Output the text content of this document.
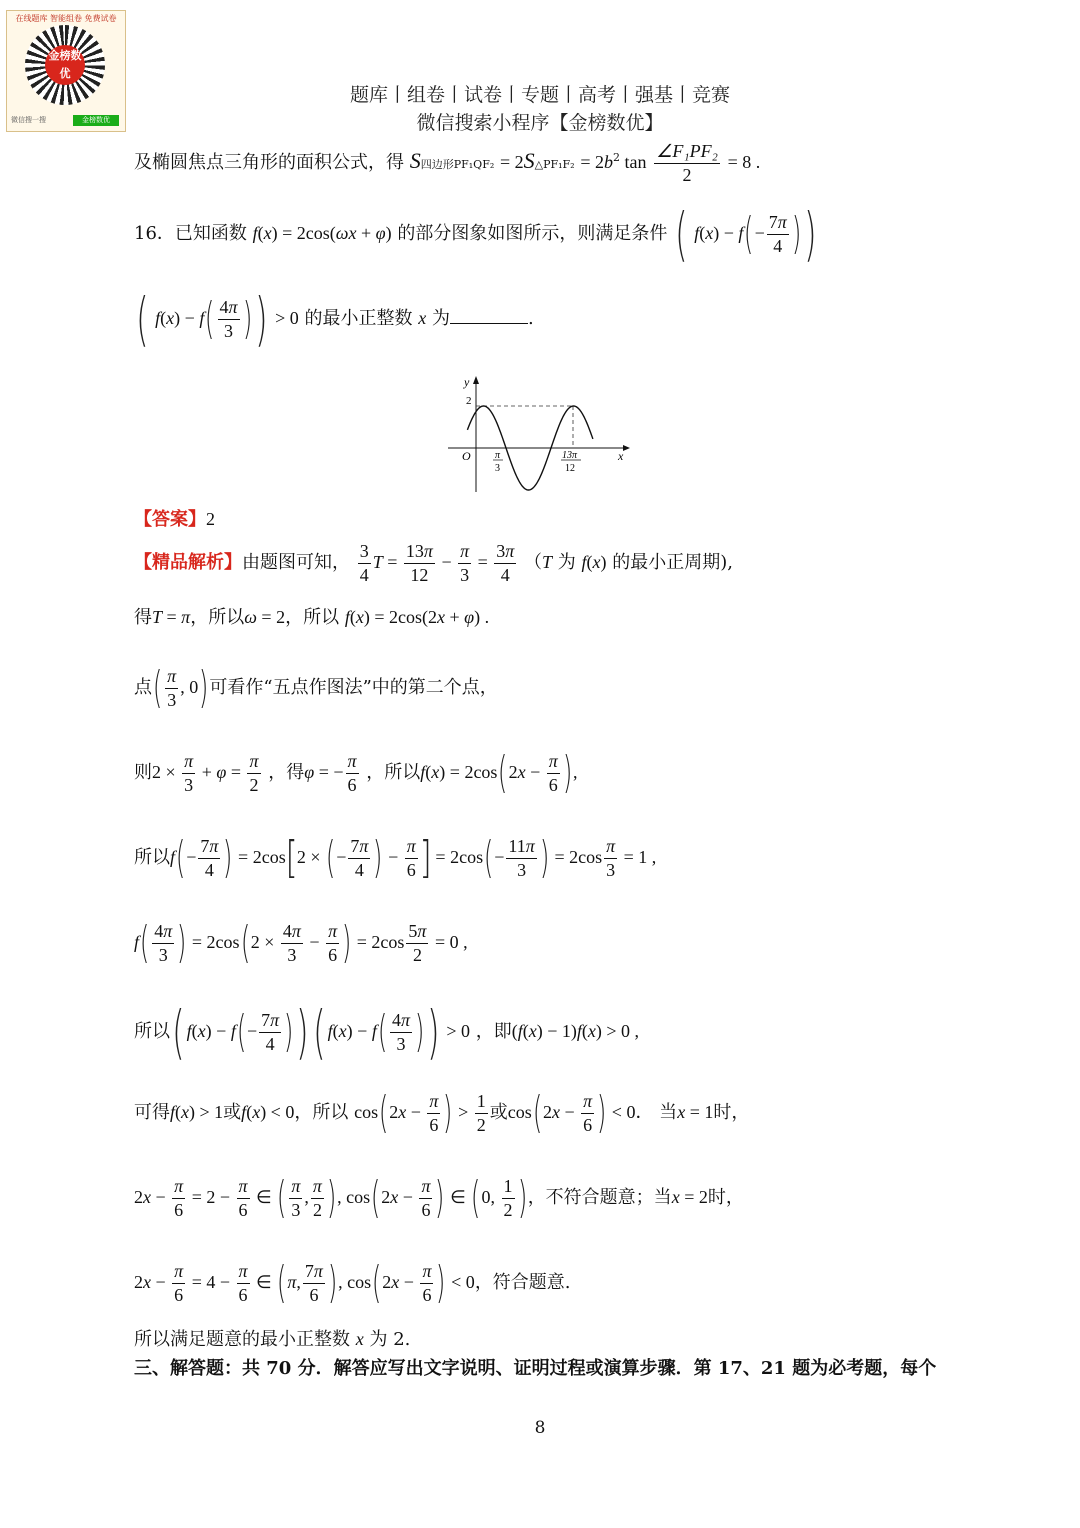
在线题库 智能组卷 免费试卷
金榜数优
微信搜一搜	金榜数优
题库丨组卷丨试卷丨专题丨高考丨强基丨竞赛
微信搜索小程序【金榜数优】
及椭圆焦点三角形的面积公式，得 S四边形PF₁QF₂ = 2S△PF₁F₂ = $2b^2$ $\tan \frac{\text{∠F₁PF₂}}{2} = 8$ .
16．已知函数 f(x) = 2cos(ωx + φ) 的部分图象如图所示，则满足条件 ( $f(x) - f(- \frac{7\pi}{4}$ ))
( $f(x) - f( \frac{4\pi}{3}$ )) > 0 的最小正整数 x 为	.
y
x
O
2
π
3
13π
12
【答案】2
【精品解析】由题图可知， $\frac{3}{4}$ $T = \frac{13\pi}{12} - \frac{\pi}{3} = \frac{3\pi}{4} (T$ 为 f(x) 的最小正周期),
得T = π，所以ω = 2，所以 f(x) = 2cos(2x + φ) .
点( $\frac{\pi}{3}$ , 0)可看作“五点作图法”中的第二个点，
则$2 \times \frac{\pi}{3} + \varphi = \frac{\pi}{2}$ ，得φ = − $\frac{\pi}{6}$ ，所以$f(x) = 2\cos(2x - \frac{\pi}{6}$ ),
所以$f(- \frac{7\pi}{4}$ ) = 2cos[2 × (− $\frac{7\pi}{4}$ ) − $\frac{\pi}{6}$ ] = $2\cos(- \frac{11\pi}{3}$ ) = $2\cos \frac{\pi}{3} = 1$ ,
$f( \frac{4\pi}{3}$ ) = $2\cos(2 \times \frac{4\pi}{3} - \frac{\pi}{6}$ ) = $2\cos \frac{5\pi}{2} = 0$ ,
所以( $f(x) - f(- \frac{7\pi}{4}$ ))( $f(x) - f( \frac{4\pi}{3}$ )) > 0 ，即(f(x) − 1)f(x) > 0 ,
可得f(x) > 1或f(x) < 0，所以 $\cos(2x - \frac{\pi}{6}$ ) > $\frac{1}{2}$ 或$\cos(2x - \frac{\pi}{6}$ ) < 0． 当x = 1时，
$2x - \frac{\pi}{6} = 2 - \frac{\pi}{6}$ ∈ ( $\frac{\pi}{3}$ , $\frac{\pi}{2}$ ), $\cos(2x - \frac{\pi}{6}$ ) ∈ (0, $\frac{1}{2}$ )，不符合题意；当x = 2时，
$2x - \frac{\pi}{6} = 4 - \frac{\pi}{6}$ ∈ (π, $\frac{7\pi}{6}$ ), $\cos(2x - \frac{\pi}{6}$ ) < 0，符合题意.
所以满足题意的最小正整数 x 为 2.
三、解答题：共 70 分．解答应写出文字说明、证明过程或演算步骤．第 17、21 题为必考题，每个
8
